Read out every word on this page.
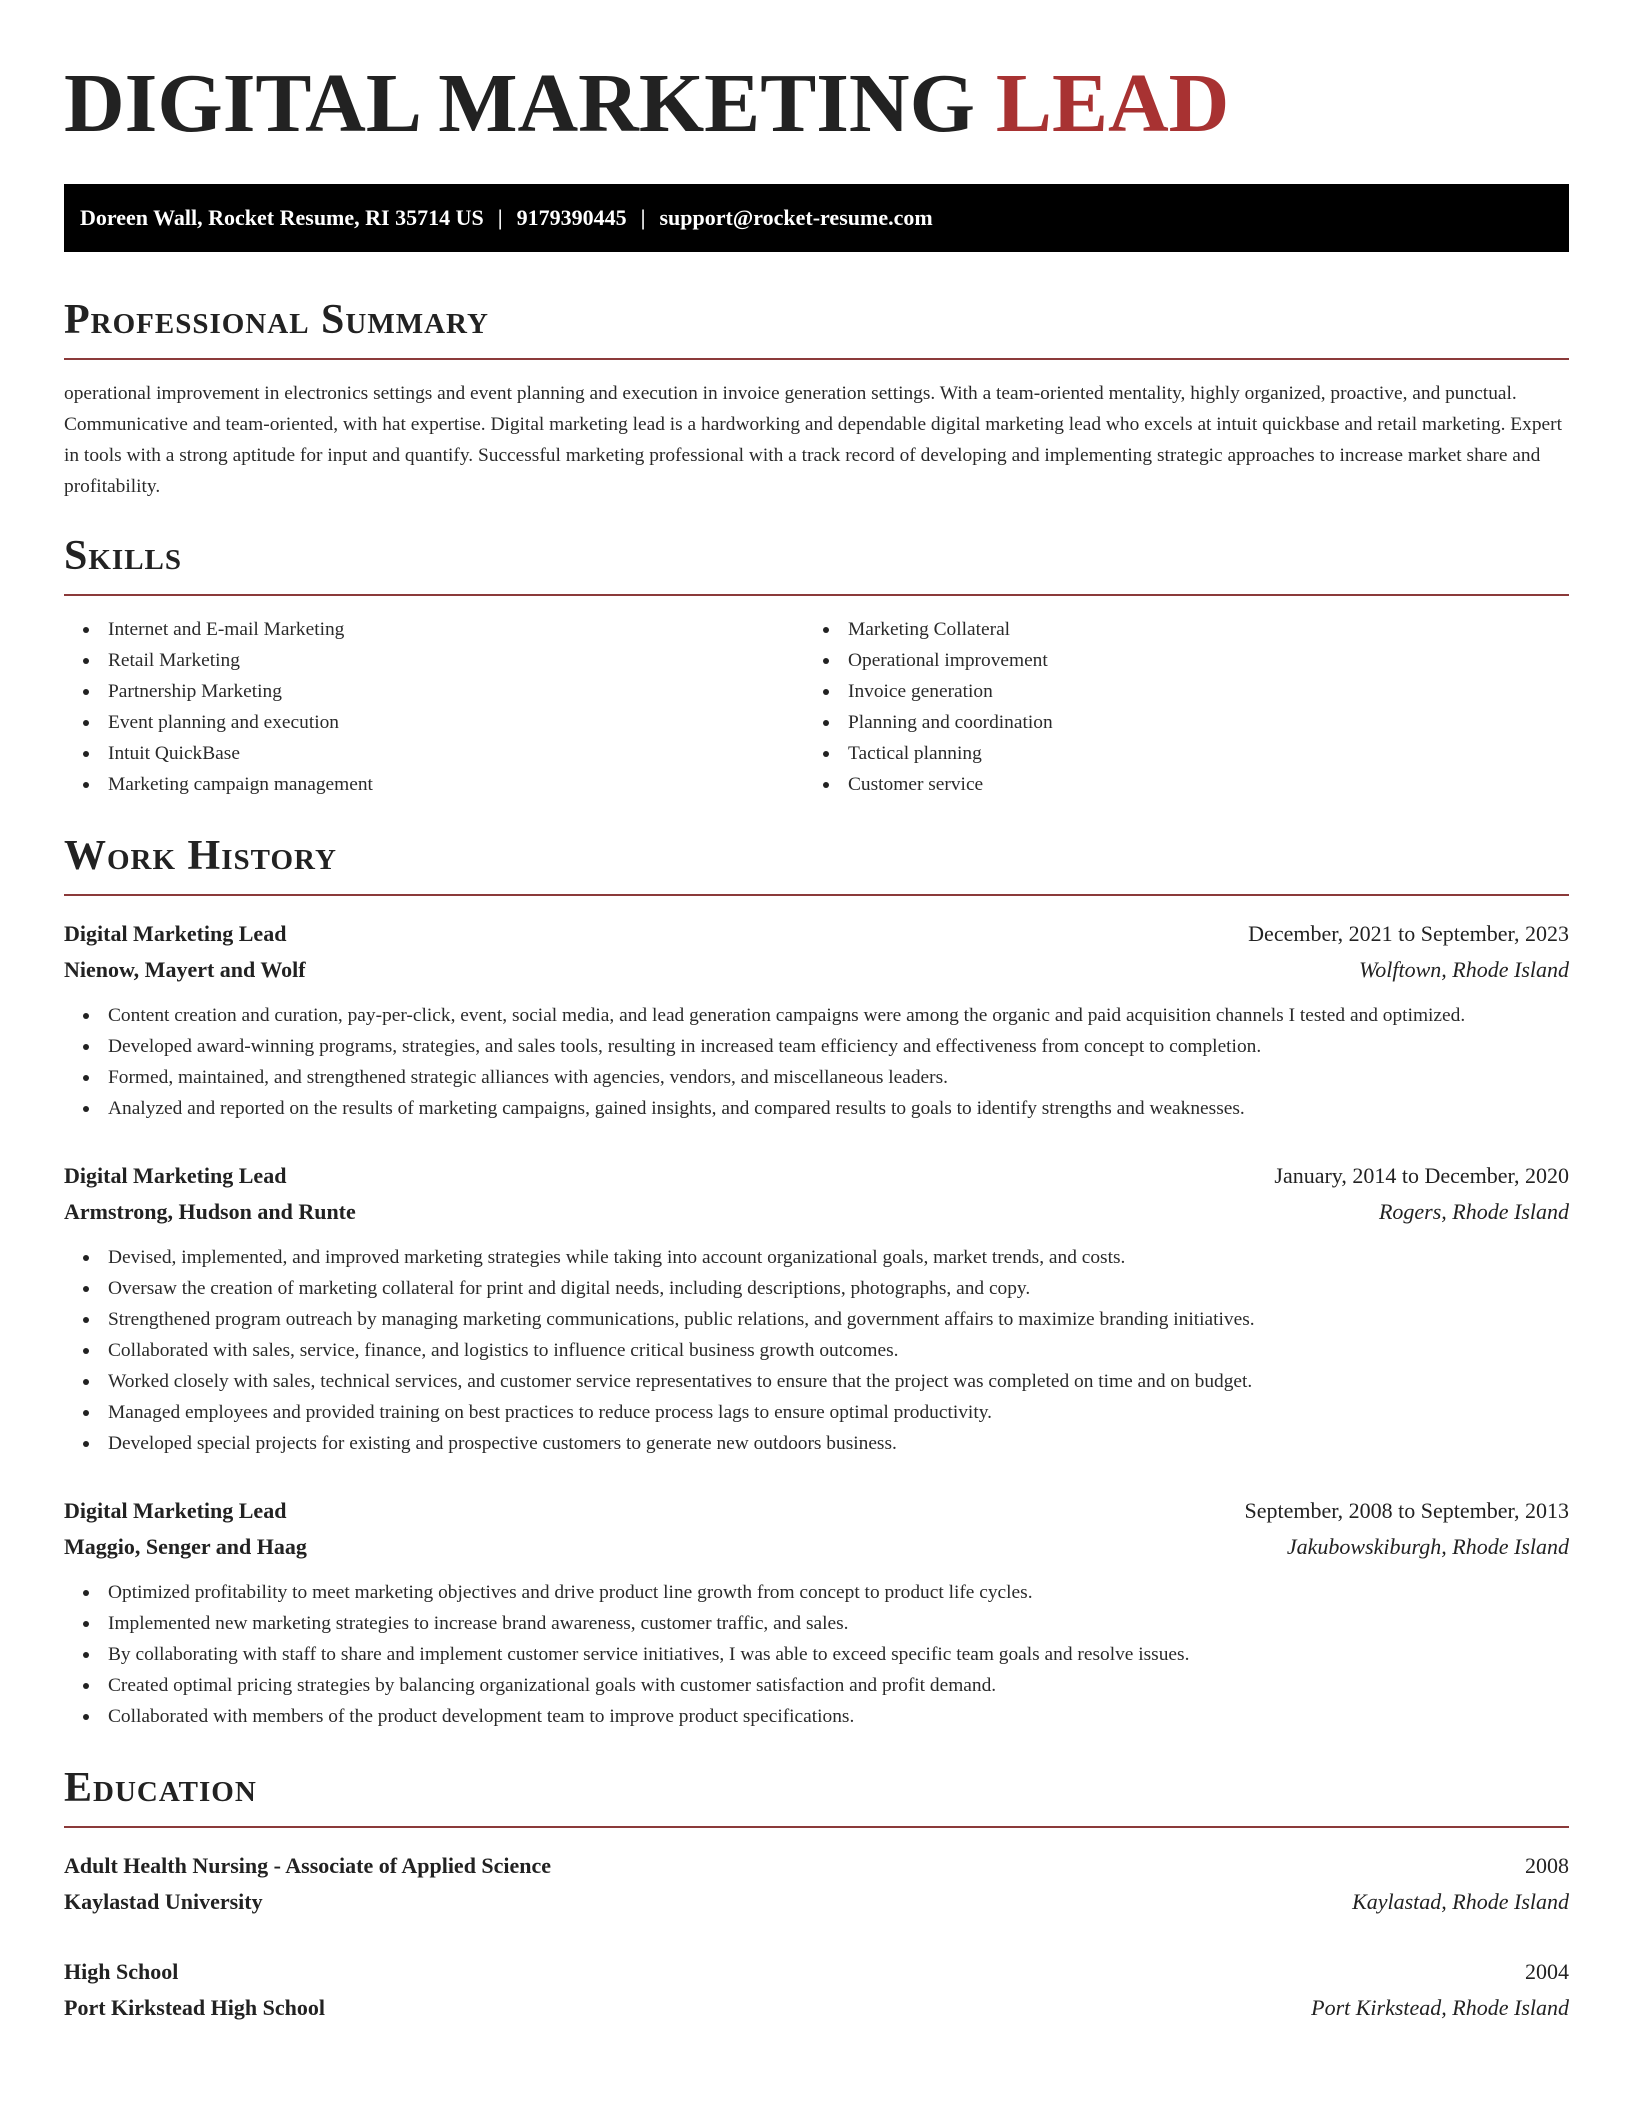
DIGITAL MARKETING LEAD
Doreen Wall, Rocket Resume, RI 35714 US | 9179390445 | support@rocket-resume.com
Professional Summary

operational improvement in electronics settings and event planning and execution in invoice generation settings. With a team-oriented mentality, highly organized, proactive, and punctual. Communicative and team-oriented, with hat expertise. Digital marketing lead is a hardworking and dependable digital marketing lead who excels at intuit quickbase and retail marketing. Expert in tools with a strong aptitude for input and quantify. Successful marketing professional with a track record of developing and implementing strategic approaches to increase market share and profitability.

Skills
Internet and E-mail Marketing
Retail Marketing
Partnership Marketing
Event planning and execution
Intuit QuickBase
Marketing campaign management
Marketing Collateral
Operational improvement
Invoice generation
Planning and coordination
Tactical planning
Customer service
Work History
Digital Marketing Lead	December, 2021 to September, 2023
Nienow, Mayert and Wolf	Wolftown, Rhode Island
Content creation and curation, pay-per-click, event, social media, and lead generation campaigns were among the organic and paid acquisition channels I tested and optimized.
Developed award-winning programs, strategies, and sales tools, resulting in increased team efficiency and effectiveness from concept to completion.
Formed, maintained, and strengthened strategic alliances with agencies, vendors, and miscellaneous leaders.
Analyzed and reported on the results of marketing campaigns, gained insights, and compared results to goals to identify strengths and weaknesses.
Digital Marketing Lead	January, 2014 to December, 2020
Armstrong, Hudson and Runte	Rogers, Rhode Island
Devised, implemented, and improved marketing strategies while taking into account organizational goals, market trends, and costs.
Oversaw the creation of marketing collateral for print and digital needs, including descriptions, photographs, and copy.
Strengthened program outreach by managing marketing communications, public relations, and government affairs to maximize branding initiatives.
Collaborated with sales, service, finance, and logistics to influence critical business growth outcomes.
Worked closely with sales, technical services, and customer service representatives to ensure that the project was completed on time and on budget.
Managed employees and provided training on best practices to reduce process lags to ensure optimal productivity.
Developed special projects for existing and prospective customers to generate new outdoors business.
Digital Marketing Lead	September, 2008 to September, 2013
Maggio, Senger and Haag	Jakubowskiburgh, Rhode Island
Optimized profitability to meet marketing objectives and drive product line growth from concept to product life cycles.
Implemented new marketing strategies to increase brand awareness, customer traffic, and sales.
By collaborating with staff to share and implement customer service initiatives, I was able to exceed specific team goals and resolve issues.
Created optimal pricing strategies by balancing organizational goals with customer satisfaction and profit demand.
Collaborated with members of the product development team to improve product specifications.
Education
Adult Health Nursing - Associate of Applied Science	2008
Kaylastad University	Kaylastad, Rhode Island
High School	2004
Port Kirkstead High School	Port Kirkstead, Rhode Island
